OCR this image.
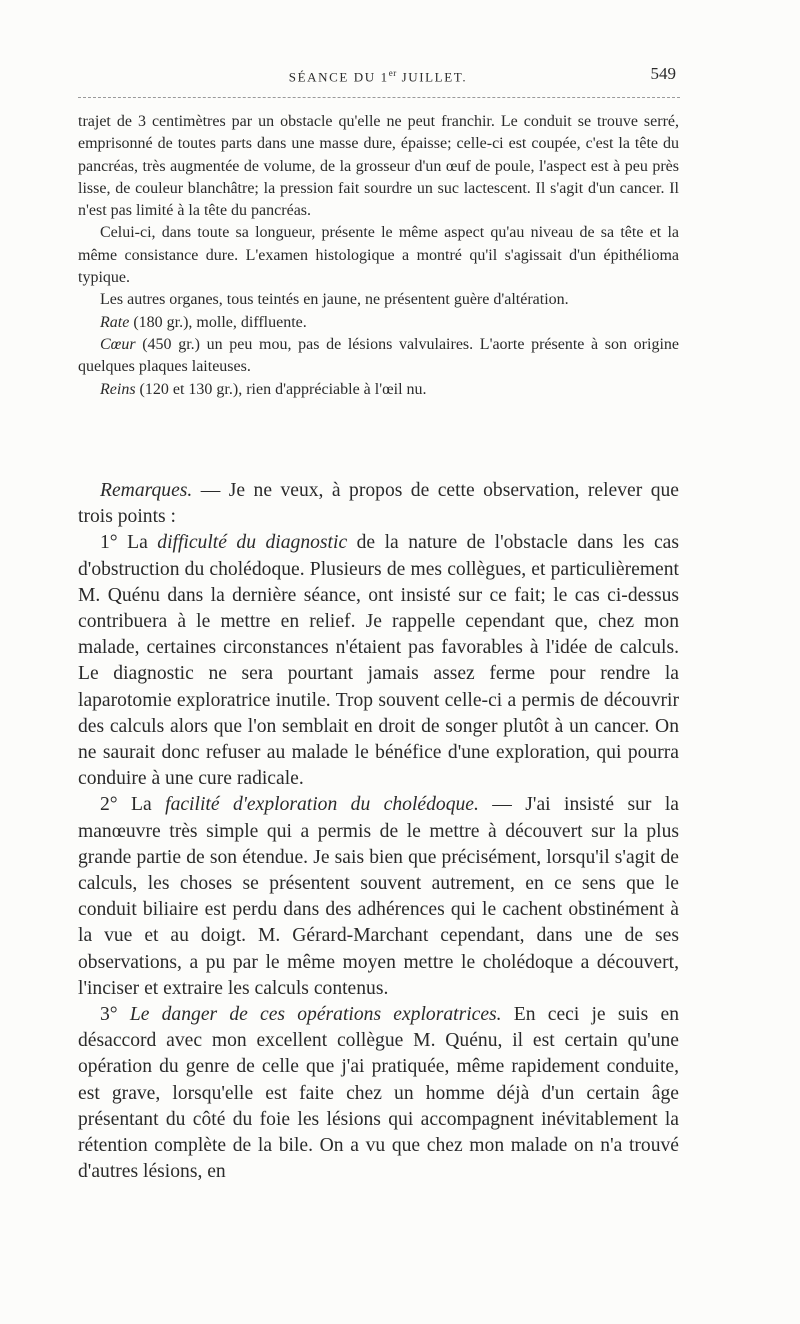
SÉANCE DU 1er JUILLET.	549

trajet de 3 centimètres par un obstacle qu'elle ne peut franchir. Le conduit se trouve serré, emprisonné de toutes parts dans une masse dure, épaisse; celle-ci est coupée, c'est la tête du pancréas, très augmentée de volume, de la grosseur d'un œuf de poule, l'aspect est à peu près lisse, de couleur blanchâtre; la pression fait sourdre un suc lactescent. Il s'agit d'un cancer. Il n'est pas limité à la tête du pancréas.

Celui-ci, dans toute sa longueur, présente le même aspect qu'au niveau de sa tête et la même consistance dure. L'examen histologique a montré qu'il s'agissait d'un épithélioma typique.

Les autres organes, tous teintés en jaune, ne présentent guère d'altération.

Rate (180 gr.), molle, diffluente.

Cœur (450 gr.) un peu mou, pas de lésions valvulaires. L'aorte présente à son origine quelques plaques laiteuses.

Reins (120 et 130 gr.), rien d'appréciable à l'œil nu.

Remarques. — Je ne veux, à propos de cette observation, relever que trois points :

1° La difficulté du diagnostic de la nature de l'obstacle dans les cas d'obstruction du cholédoque. Plusieurs de mes collègues, et particulièrement M. Quénu dans la dernière séance, ont insisté sur ce fait; le cas ci-dessus contribuera à le mettre en relief. Je rappelle cependant que, chez mon malade, certaines circonstances n'étaient pas favorables à l'idée de calculs. Le diagnostic ne sera pourtant jamais assez ferme pour rendre la laparotomie exploratrice inutile. Trop souvent celle-ci a permis de découvrir des calculs alors que l'on semblait en droit de songer plutôt à un cancer. On ne saurait donc refuser au malade le bénéfice d'une exploration, qui pourra conduire à une cure radicale.

2° La facilité d'exploration du cholédoque. — J'ai insisté sur la manœuvre très simple qui a permis de le mettre à découvert sur la plus grande partie de son étendue. Je sais bien que précisément, lorsqu'il s'agit de calculs, les choses se présentent souvent autrement, en ce sens que le conduit biliaire est perdu dans des adhérences qui le cachent obstinément à la vue et au doigt. M. Gérard-Marchant cependant, dans une de ses observations, a pu par le même moyen mettre le cholédoque a découvert, l'inciser et extraire les calculs contenus.

3° Le danger de ces opérations exploratrices. En ceci je suis en désaccord avec mon excellent collègue M. Quénu, il est certain qu'une opération du genre de celle que j'ai pratiquée, même rapidement conduite, est grave, lorsqu'elle est faite chez un homme déjà d'un certain âge présentant du côté du foie les lésions qui accompagnent inévitablement la rétention complète de la bile. On a vu que chez mon malade on n'a trouvé d'autres lésions, en
